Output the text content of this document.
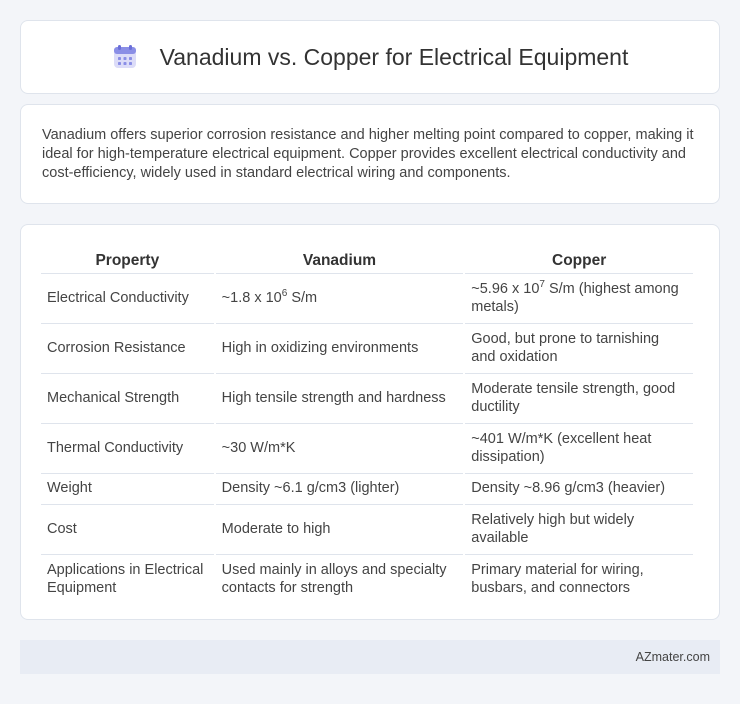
Vanadium vs. Copper for Electrical Equipment

Vanadium offers superior corrosion resistance and higher melting point compared to copper, making it ideal for high-temperature electrical equipment. Copper provides excellent electrical conductivity and cost-efficiency, widely used in standard electrical wiring and components.

Property	Vanadium	Copper
Electrical Conductivity	~1.8 x $10^6$ S/m	~5.96 x $10^7$ S/m (highest among metals)
Corrosion Resistance	High in oxidizing environments	Good, but prone to tarnishing and oxidation
Mechanical Strength	High tensile strength and hardness	Moderate tensile strength, good ductility
Thermal Conductivity	~30 W/m*K	~401 W/m*K (excellent heat dissipation)
Weight	Density ~6.1 g/cm3 (lighter)	Density ~8.96 g/cm3 (heavier)
Cost	Moderate to high	Relatively high but widely available
Applications in Electrical Equipment	Used mainly in alloys and specialty contacts for strength	Primary material for wiring, busbars, and connectors
AZmater.com
